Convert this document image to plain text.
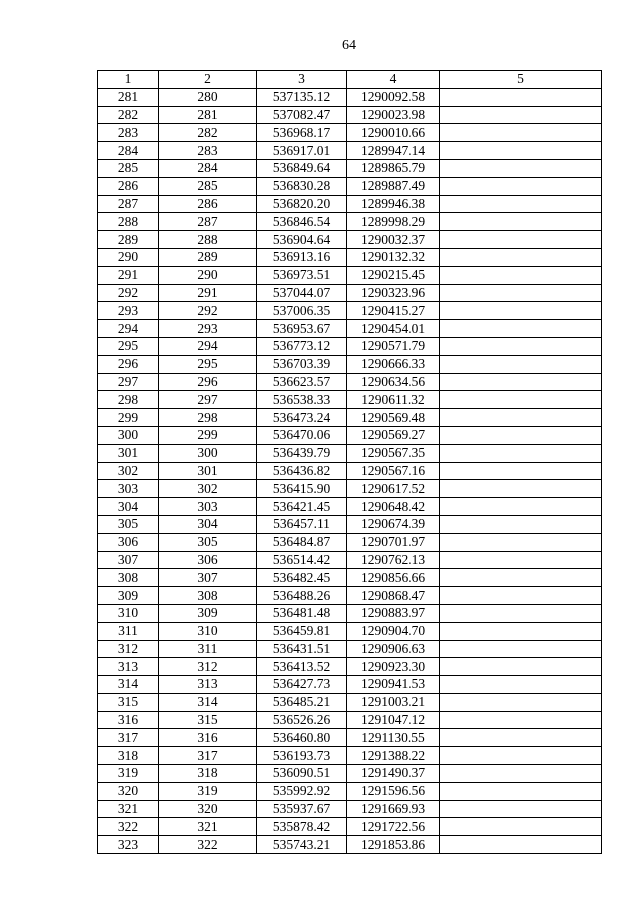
64
1	2	3	4	5
281	280	537135.12	1290092.58	
282	281	537082.47	1290023.98	
283	282	536968.17	1290010.66	
284	283	536917.01	1289947.14	
285	284	536849.64	1289865.79	
286	285	536830.28	1289887.49	
287	286	536820.20	1289946.38	
288	287	536846.54	1289998.29	
289	288	536904.64	1290032.37	
290	289	536913.16	1290132.32	
291	290	536973.51	1290215.45	
292	291	537044.07	1290323.96	
293	292	537006.35	1290415.27	
294	293	536953.67	1290454.01	
295	294	536773.12	1290571.79	
296	295	536703.39	1290666.33	
297	296	536623.57	1290634.56	
298	297	536538.33	1290611.32	
299	298	536473.24	1290569.48	
300	299	536470.06	1290569.27	
301	300	536439.79	1290567.35	
302	301	536436.82	1290567.16	
303	302	536415.90	1290617.52	
304	303	536421.45	1290648.42	
305	304	536457.11	1290674.39	
306	305	536484.87	1290701.97	
307	306	536514.42	1290762.13	
308	307	536482.45	1290856.66	
309	308	536488.26	1290868.47	
310	309	536481.48	1290883.97	
311	310	536459.81	1290904.70	
312	311	536431.51	1290906.63	
313	312	536413.52	1290923.30	
314	313	536427.73	1290941.53	
315	314	536485.21	1291003.21	
316	315	536526.26	1291047.12	
317	316	536460.80	1291130.55	
318	317	536193.73	1291388.22	
319	318	536090.51	1291490.37	
320	319	535992.92	1291596.56	
321	320	535937.67	1291669.93	
322	321	535878.42	1291722.56	
323	322	535743.21	1291853.86	
